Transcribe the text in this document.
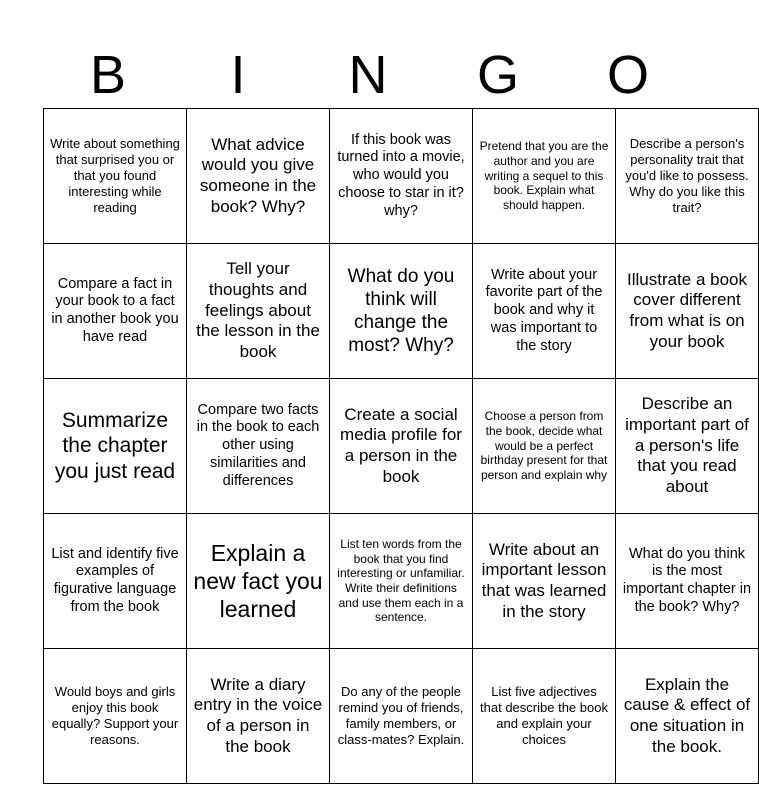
B	I	N	G	O
Write about something that surprised you or that you found interesting while reading	What advice would you give someone in the book? Why?	If this book was turned into a movie, who would you choose to star in it? why?	Pretend that you are the author and you are writing a sequel to this book. Explain what should happen.	Describe a person's personality trait that you'd like to possess. Why do you like this trait?
Compare a fact in your book to a fact in another book you have read	Tell your thoughts and feelings about the lesson in the book	What do you think will change the most? Why?	Write about your favorite part of the book and why it was important to the story	Illustrate a book cover different from what is on your book
Summarize the chapter you just read	Compare two facts in the book to each other using similarities and differences	Create a social media profile for a person in the book	Choose a person from the book, decide what would be a perfect birthday present for that person and explain why	Describe an important part of a person's life that you read about
List and identify five examples of figurative language from the book	Explain a new fact you learned	List ten words from the book that you find interesting or unfamiliar. Write their definitions and use them each in a sentence.	Write about an important lesson that was learned in the story	What do you think is the most important chapter in the book? Why?
Would boys and girls enjoy this book equally? Support your reasons.	Write a diary entry in the voice of a person in the book	Do any of the people remind you of friends, family members, or class-mates? Explain.	List five adjectives that describe the book and explain your choices	Explain the cause & effect of one situation in the book.
